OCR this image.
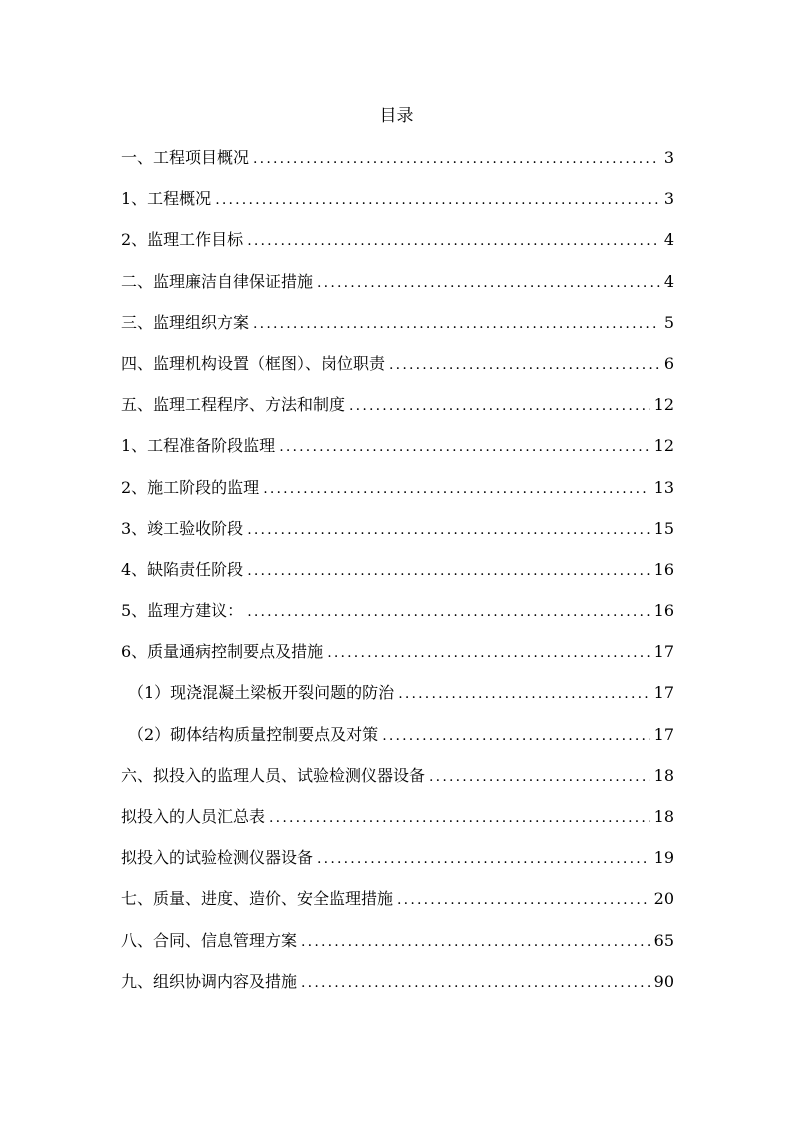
目录
一、工程项目概况 .....	3
1、工程概况 .....	3
2、监理工作目标 .....	4
二、监理廉洁自律保证措施 .....	4
三、监理组织方案 .....	5
四、监理机构设置（框图）、岗位职责 .....	6
五、监理工程程序、方法和制度 .....	12
1、工程准备阶段监理 .....	12
2、施工阶段的监理 .....	13
3、竣工验收阶段 .....	15
4、缺陷责任阶段 .....	16
5、监理方建议： .....	16
6、质量通病控制要点及措施 .....	17
（1）现浇混凝土梁板开裂问题的防治 .....	17
（2）砌体结构质量控制要点及对策 .....	17
六、拟投入的监理人员、试验检测仪器设备 .....	18
拟投入的人员汇总表 .....	18
拟投入的试验检测仪器设备 .....	19
七、质量、进度、造价、安全监理措施 .....	20
八、合同、信息管理方案 .....	65
九、组织协调内容及措施 .....	90
